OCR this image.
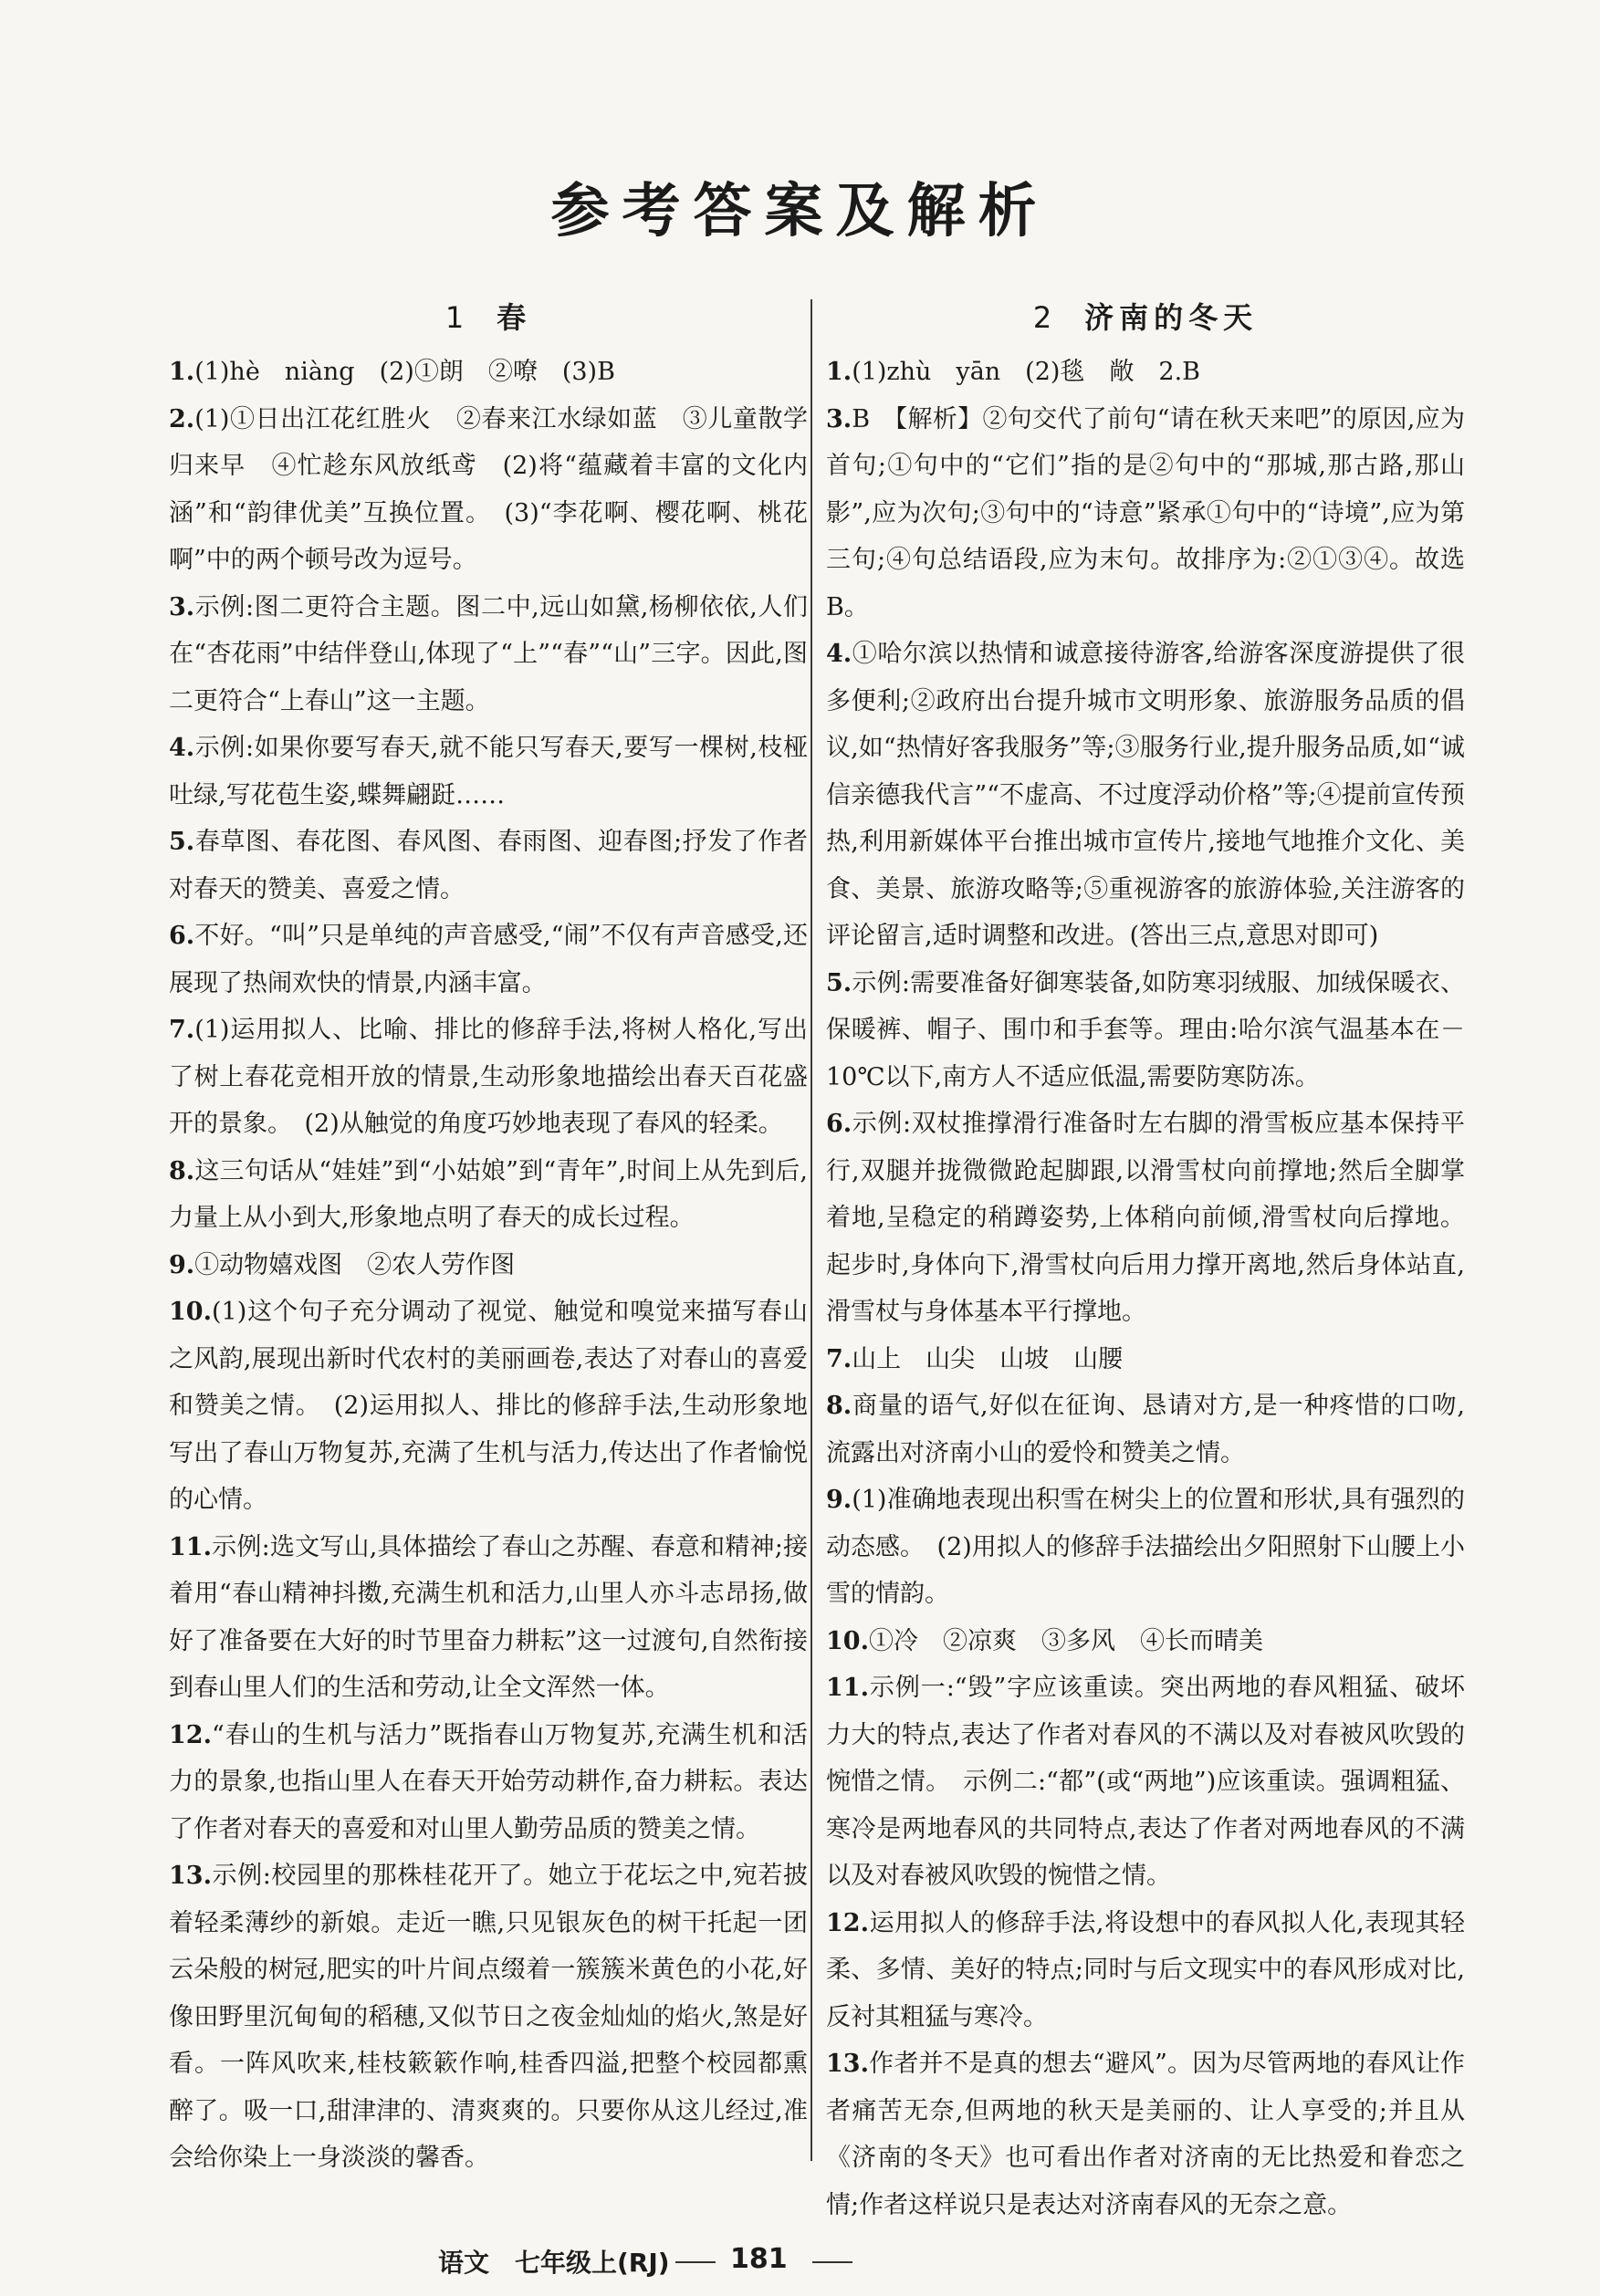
参考答案及解析
1 春

1.(1)hè　niàng　(2)①朗　②嘹　(3)B

2.(1)①日出江花红胜火　②春来江水绿如蓝　③儿童散学归来早　④忙趁东风放纸鸢　(2)将“蕴藏着丰富的文化内涵”和“韵律优美”互换位置。　(3)“李花啊、樱花啊、桃花啊”中的两个顿号改为逗号。

3.示例:图二更符合主题。图二中,远山如黛,杨柳依依,人们在“杏花雨”中结伴登山,体现了“上”“春”“山”三字。因此,图二更符合“上春山”这一主题。

4.示例:如果你要写春天,就不能只写春天,要写一棵树,枝桠吐绿,写花苞生姿,蝶舞翩跹……

5.春草图、春花图、春风图、春雨图、迎春图;抒发了作者对春天的赞美、喜爱之情。

6.不好。“叫”只是单纯的声音感受,“闹”不仅有声音感受,还展现了热闹欢快的情景,内涵丰富。

7.(1)运用拟人、比喻、排比的修辞手法,将树人格化,写出了树上春花竞相开放的情景,生动形象地描绘出春天百花盛开的景象。　(2)从触觉的角度巧妙地表现了春风的轻柔。

8.这三句话从“娃娃”到“小姑娘”到“青年”,时间上从先到后,力量上从小到大,形象地点明了春天的成长过程。

9.①动物嬉戏图　②农人劳作图

10.(1)这个句子充分调动了视觉、触觉和嗅觉来描写春山之风韵,展现出新时代农村的美丽画卷,表达了对春山的喜爱和赞美之情。　(2)运用拟人、排比的修辞手法,生动形象地写出了春山万物复苏,充满了生机与活力,传达出了作者愉悦的心情。

11.示例:选文写山,具体描绘了春山之苏醒、春意和精神;接着用“春山精神抖擞,充满生机和活力,山里人亦斗志昂扬,做好了准备要在大好的时节里奋力耕耘”这一过渡句,自然衔接到春山里人们的生活和劳动,让全文浑然一体。

12.“春山的生机与活力”既指春山万物复苏,充满生机和活力的景象,也指山里人在春天开始劳动耕作,奋力耕耘。表达了作者对春天的喜爱和对山里人勤劳品质的赞美之情。

13.示例:校园里的那株桂花开了。她立于花坛之中,宛若披着轻柔薄纱的新娘。走近一瞧,只见银灰色的树干托起一团云朵般的树冠,肥实的叶片间点缀着一簇簇米黄色的小花,好像田野里沉甸甸的稻穗,又似节日之夜金灿灿的焰火,煞是好看。一阵风吹来,桂枝簌簌作响,桂香四溢,把整个校园都熏醉了。吸一口,甜津津的、清爽爽的。只要你从这儿经过,准会给你染上一身淡淡的馨香。

2 济南的冬天

1.(1)zhù　yān　(2)毯　敞　2.B

3.B　【解析】②句交代了前句“请在秋天来吧”的原因,应为首句;①句中的“它们”指的是②句中的“那城,那古路,那山影”,应为次句;③句中的“诗意”紧承①句中的“诗境”,应为第三句;④句总结语段,应为末句。故排序为:②①③④。故选B。

4.①哈尔滨以热情和诚意接待游客,给游客深度游提供了很多便利;②政府出台提升城市文明形象、旅游服务品质的倡议,如“热情好客我服务”等;③服务行业,提升服务品质,如“诚信亲德我代言”“不虚高、不过度浮动价格”等;④提前宣传预热,利用新媒体平台推出城市宣传片,接地气地推介文化、美食、美景、旅游攻略等;⑤重视游客的旅游体验,关注游客的评论留言,适时调整和改进。(答出三点,意思对即可)

5.示例:需要准备好御寒装备,如防寒羽绒服、加绒保暖衣、保暖裤、帽子、围巾和手套等。理由:哈尔滨气温基本在－10℃以下,南方人不适应低温,需要防寒防冻。

6.示例:双杖推撑滑行准备时左右脚的滑雪板应基本保持平行,双腿并拢微微跄起脚跟,以滑雪杖向前撑地;然后全脚掌着地,呈稳定的稍蹲姿势,上体稍向前倾,滑雪杖向后撑地。起步时,身体向下,滑雪杖向后用力撑开离地,然后身体站直,滑雪杖与身体基本平行撑地。

7.山上　山尖　山坡　山腰

8.商量的语气,好似在征询、恳请对方,是一种疼惜的口吻,流露出对济南小山的爱怜和赞美之情。

9.(1)准确地表现出积雪在树尖上的位置和形状,具有强烈的动态感。　(2)用拟人的修辞手法描绘出夕阳照射下山腰上小雪的情韵。

10.①冷　②凉爽　③多风　④长而晴美

11.示例一:“毁”字应该重读。突出两地的春风粗猛、破坏力大的特点,表达了作者对春风的不满以及对春被风吹毁的惋惜之情。　示例二:“都”(或“两地”)应该重读。强调粗猛、寒冷是两地春风的共同特点,表达了作者对两地春风的不满以及对春被风吹毁的惋惜之情。

12.运用拟人的修辞手法,将设想中的春风拟人化,表现其轻柔、多情、美好的特点;同时与后文现实中的春风形成对比,反衬其粗猛与寒冷。

13.作者并不是真的想去“避风”。因为尽管两地的春风让作者痛苦无奈,但两地的秋天是美丽的、让人享受的;并且从《济南的冬天》也可看出作者对济南的无比热爱和眷恋之情;作者这样说只是表达对济南春风的无奈之意。

语文　七年级上(RJ) 181
